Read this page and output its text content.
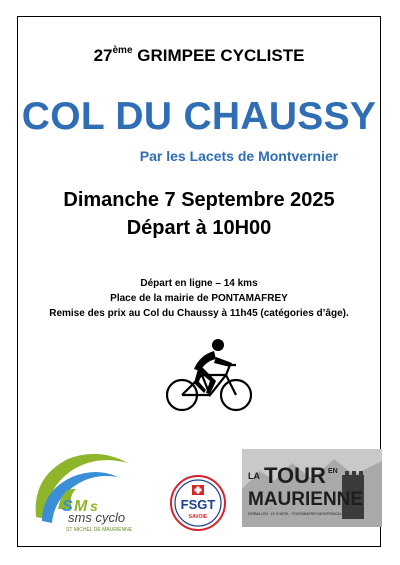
27ème GRIMPEE CYCLISTE
COL DU CHAUSSY
Par les Lacets de Montvernier
Dimanche 7 Septembre 2025
Départ à 10H00
Départ en ligne – 14 kms
Place de la mairie de PONTAMAFREY
Remise des prix au Col du Chaussy à 11h45 (catégories d’âge).
S M s
sms cyclo
ST MICHEL DE MAURIENNE
FSGT
SAVOIE
LA TOUR EN
MAURIENNE
HERMILLON · LE CHÂTEL · PONTAMAFREY-MONTPASCAL
